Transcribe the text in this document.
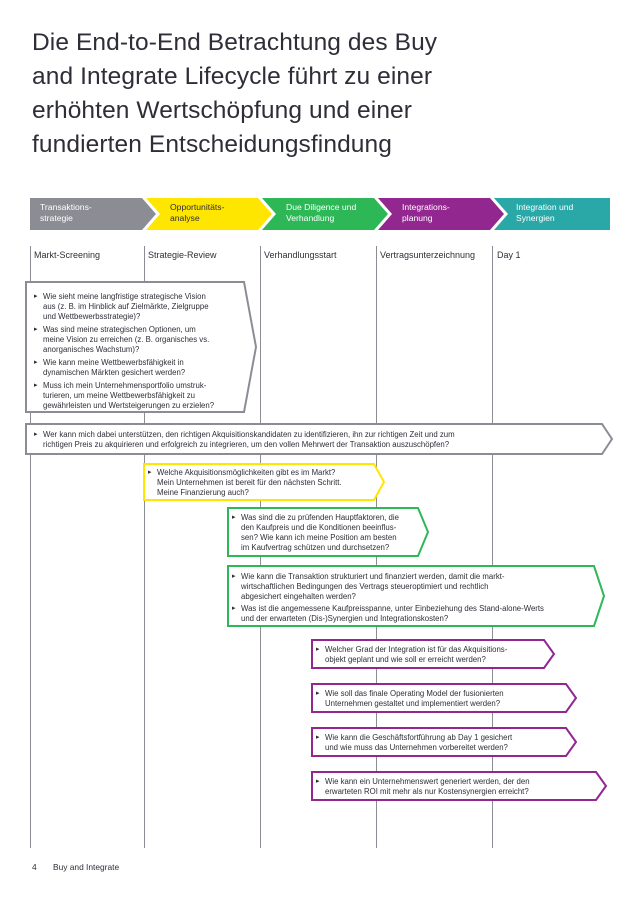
Die End-to-End Betrachtung des Buy
and Integrate Lifecycle führt zu einer
erhöhten Wertschöpfung und einer
fundierten Entscheidungsfindung
Transaktions-
strategie
Opportunitäts-
analyse
Due Diligence und
Verhandlung
Integrations-
planung
Integration und
Synergien
Markt-Screening	Strategie-Review	Verhandlungsstart	Vertragsunterzeichnung Day 1
▸ Wie sieht meine langfristige strategische Vision
aus (z. B. im Hinblick auf Zielmärkte, Zielgruppe
und Wettbewerbsstrategie)?
▸ Was sind meine strategischen Optionen, um
meine Vision zu erreichen (z. B. organisches vs.
anorganisches Wachstum)?
▸ Wie kann meine Wettbewerbsfähigkeit in
dynamischen Märkten gesichert werden?
▸ Muss ich mein Unternehmensportfolio umstruk-
turieren, um meine Wettbewerbsfähigkeit zu
gewährleisten und Wertsteigerungen zu erzielen?
▸ Wer kann mich dabei unterstützen, den richtigen Akquisitionskandidaten zu identifizieren, ihn zur richtigen Zeit und zum
richtigen Preis zu akquirieren und erfolgreich zu integrieren, um den vollen Mehrwert der Transaktion auszuschöpfen?
▸ Welche Akquisitionsmöglichkeiten gibt es im Markt?
Mein Unternehmen ist bereit für den nächsten Schritt.
Meine Finanzierung auch?
▸ Was sind die zu prüfenden Hauptfaktoren, die
den Kaufpreis und die Konditionen beeinflus-
sen? Wie kann ich meine Position am besten
im Kaufvertrag schützen und durchsetzen?
▸ Wie kann die Transaktion strukturiert und finanziert werden, damit die markt-
wirtschaftlichen Bedingungen des Vertrags steueroptimiert und rechtlich
abgesichert eingehalten werden?
▸ Was ist die angemessene Kaufpreisspanne, unter Einbeziehung des Stand-alone-Werts
und der erwarteten (Dis-)Synergien und Integrationskosten?
▸ Welcher Grad der Integration ist für das Akquisitions-
objekt geplant und wie soll er erreicht werden?
▸ Wie soll das finale Operating Model der fusionierten
Unternehmen gestaltet und implementiert werden?
▸ Wie kann die Geschäftsfortführung ab Day 1 gesichert
und wie muss das Unternehmen vorbereitet werden?
▸ Wie kann ein Unternehmenswert generiert werden, der den
erwarteten ROI mit mehr als nur Kostensynergien erreicht?
4 Buy and Integrate
